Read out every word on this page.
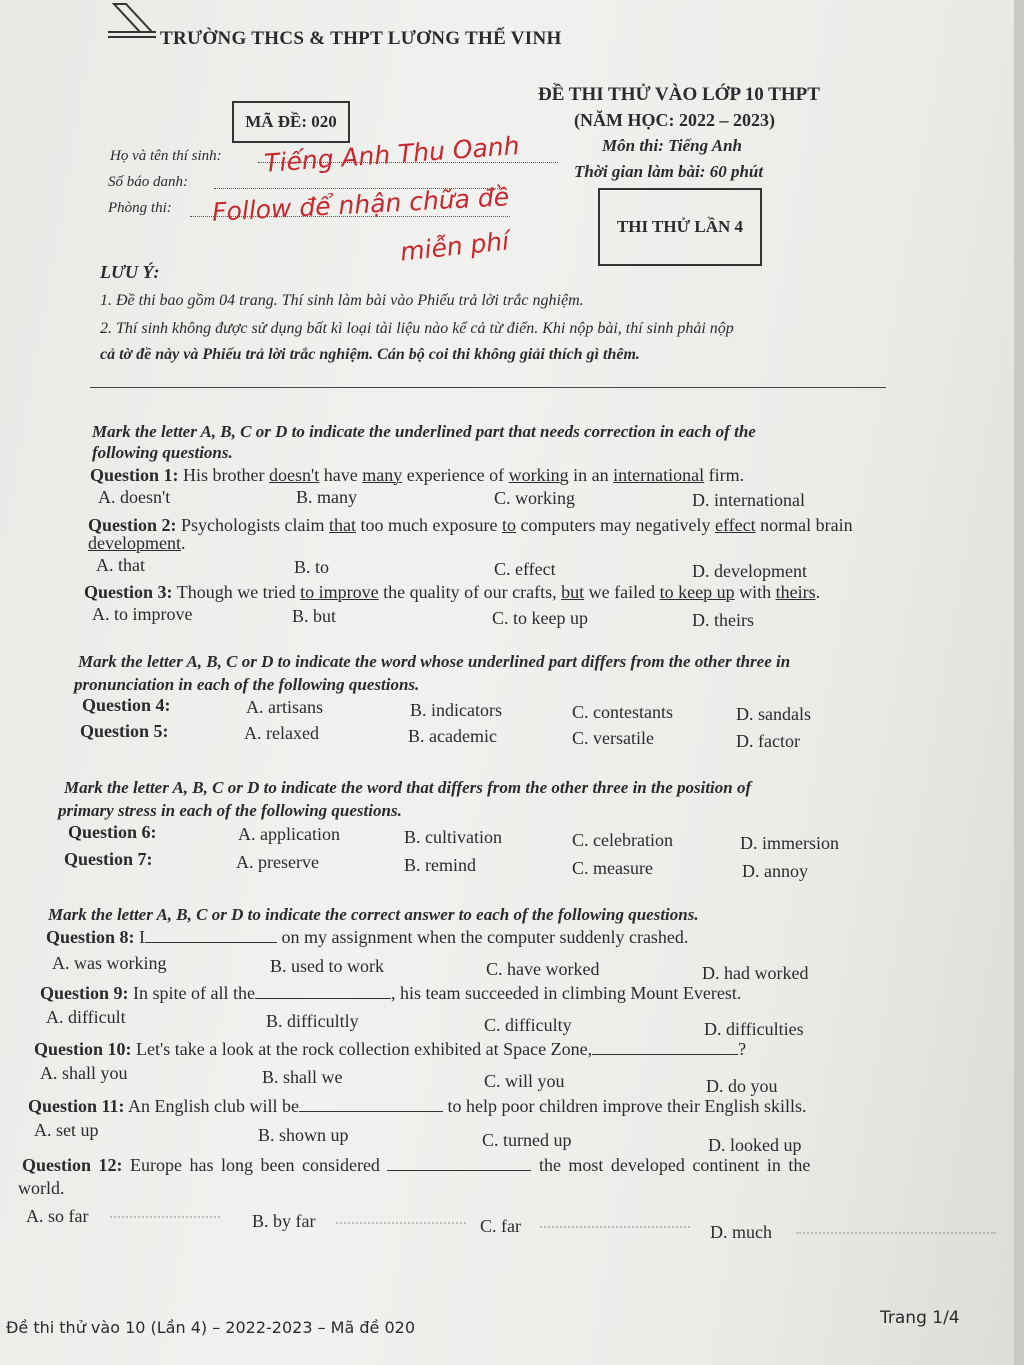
TRƯỜNG THCS & THPT LƯƠNG THẾ VINH
ĐỀ THI THỬ VÀO LỚP 10 THPT
(NĂM HỌC: 2022 – 2023)
MÃ ĐỀ: 020
Môn thi: Tiếng Anh
Thời gian làm bài: 60 phút
THI THỬ LẦN 4
Họ và tên thí sinh: Tiếng Anh Thu Oanh
Số báo danh:
Phòng thi: Follow để nhận chữa đề
miễn phí
LƯU Ý:
1. Đề thi bao gồm 04 trang. Thí sinh làm bài vào Phiếu trả lời trắc nghiệm.
2. Thí sinh không được sử dụng bất kì loại tài liệu nào kể cả từ điển. Khi nộp bài, thí sinh phải nộp
cả tờ đề này và Phiếu trả lời trắc nghiệm. Cán bộ coi thi không giải thích gì thêm.
Mark the letter A, B, C or D to indicate the underlined part that needs correction in each of the
following questions.
Question 1: His brother doesn't have many experience of working in an international firm.
A. doesn't	B. many	C. working	D. international
Question 2: Psychologists claim that too much exposure to computers may negatively effect normal brain
development.
A. that	B. to	C. effect	D. development
Question 3: Though we tried to improve the quality of our crafts, but we failed to keep up with theirs.
A. to improve	B. but	C. to keep up	D. theirs
Mark the letter A, B, C or D to indicate the word whose underlined part differs from the other three in
pronunciation in each of the following questions.
Question 4:	A. artisans	B. indicators	C. contestants	D. sandals
Question 5:	A. relaxed	B. academic	C. versatile	D. factor
Mark the letter A, B, C or D to indicate the word that differs from the other three in the position of
primary stress in each of the following questions.
Question 6:	A. application	B. cultivation	C. celebration	D. immersion
Question 7:	A. preserve	B. remind	C. measure	D. annoy
Mark the letter A, B, C or D to indicate the correct answer to each of the following questions.
Question 8: I	on my assignment when the computer suddenly crashed.
A. was working	B. used to work	C. have worked	D. had worked
Question 9: In spite of all the	, his team succeeded in climbing Mount Everest.
A. difficult	B. difficultly	C. difficulty	D. difficulties
Question 10: Let's take a look at the rock collection exhibited at Space Zone,	?
A. shall you	B. shall we	C. will you	D. do you
Question 11: An English club will be	to help poor children improve their English skills.
A. set up	B. shown up	C. turned up	D. looked up
Question 12: Europe has long been considered	the most developed continent in the
world.
A. so far	B. by far	C. far	D. much
Đề thi thử vào 10 (Lần 4) – 2022-2023 – Mã đề 020	Trang 1/4
